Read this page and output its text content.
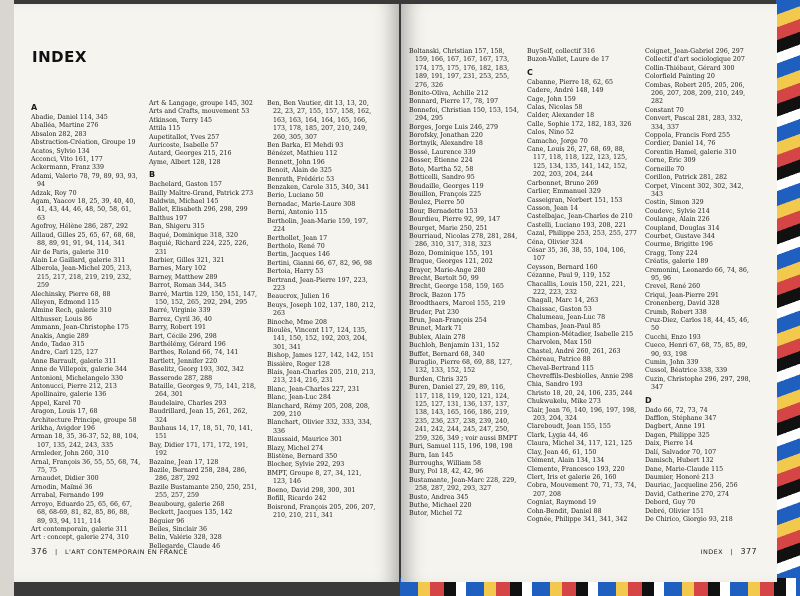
INDEX
A
Abadie, Daniel 114, 345
Aballéa, Martine 276
Absalon 282, 283
Abstraction-Création, Groupe 19
Acatos, Sylvio 134
Acconci, Vito 161, 177
Ackermann, Franz 339
Adami, Valerio 78, 79, 89, 93, 93, 94
Adzak, Roy 70
Agam, Yaacov 18, 25, 39, 40, 40, 41, 43, 44, 46, 48, 50, 58, 61, 63
Agofroy, Hélène 286, 287, 292
Aillaud, Gilles 25, 65, 67, 68, 68, 88, 89, 91, 91, 94, 114, 341
Air de Paris, galerie 310
Alain Le Gaillard, galerie 311
Alberola, Jean-Michel 205, 213, 215, 217, 218, 219, 219, 232, 259
Alechinsky, Pierre 68, 88
Alleyen, Edmond 115
Almine Rech, galerie 310
Althusser, Louis 86
Ammann, Jean-Christophe 175
Anakis, Angie 289
Ando, Tadao 315
Andre, Carl 125, 127
Anne Barrault, galerie 311
Anne de Villepoix, galerie 344
Antonioni, Michelangelo 330
Antonucci, Pierre 212, 213
Apollinaire, galerie 136
Appel, Karel 70
Aragon, Louis 17, 68
Architecture Principe, groupe 58
Arikha, Avigdor 196
Arman 18, 35, 36-37, 52, 88, 104, 107, 135, 242, 243, 335
Armleder, John 260, 310
Arnal, François 36, 55, 55, 68, 74, 75, 75
Arnaudet, Didier 300
Arnodin, Maïmé 36
Arrabal, Fernando 199
Arroyo, Eduardo 25, 65, 66, 67, 68, 68-69, 81, 82, 85, 86, 88, 89, 93, 94, 111, 114
Art contemporain, galerie 311
Art : concept, galerie 274, 310
Art & Langage, groupe 145, 302
Arts and Crafts, mouvement 53
Atkinson, Terry 145
Attila 115
Aupetitallot, Yves 257
Auricoste, Isabelle 57
Autard, Georges 215, 216
Ayme, Albert 128, 128
B
Bachelard, Gaston 157
Bailly Maître-Grand, Patrick 273
Baldwin, Michael 145
Ballet, Elisabeth 296, 298, 299
Balthus 197
Ban, Shigeru 315
Baqué, Dominique 318, 320
Baquié, Richard 224, 225, 226, 231
Barbier, Gilles 321, 321
Barnes, Mary 102
Barney, Matthew 289
Barrot, Roman 344, 345
Barré, Martin 129, 150, 151, 147, 150, 152, 265, 292, 294, 295
Barré, Virginie 339
Barrez, Cyril 36, 40
Barry, Robert 191
Bart, Cécile 296, 298
Barthélémy, Gérard 196
Barthes, Roland 66, 74, 141
Bartlett, Jennifer 220
Baselitz, Georg 193, 302, 342
Basserode 287, 288
Bataille, Georges 9, 75, 141, 218, 264, 301
Baudelaire, Charles 293
Baudrillard, Jean 15, 261, 262, 324
Bauhaus 14, 17, 18, 51, 70, 141, 151
Bay, Didier 171, 171, 172, 191, 192
Bazaine, Jean 17, 128
Bazile, Bernard 258, 284, 286, 286, 287, 292
Bazile Bustamante 250, 250, 251, 255, 257, 259
Beaubourg, galerie 268
Beckett, Jacques 135, 142
Béguier 96
Beiles, Sinclair 36
Belin, Valérie 328, 328
Bellegarde, Claude 46
Ben, Ben Vautier, dit 13, 13, 20, 22, 23, 27, 155, 157, 158, 162, 163, 163, 164, 164, 165, 166, 173, 178, 185, 207, 210, 249, 260, 305, 307
Ben Barka, El Mehdi 93
Bénézet, Mathieu 112
Bennett, John 196
Benoit, Alain de 325
Benrath, Frédéric 53
Benzaken, Carole 315, 340, 341
Berio, Luciano 50
Bernadac, Marie-Laure 308
Berni, Antonio 115
Bertholin, Jean-Marie 159, 197, 224
Berthollet, Jean 17
Bertholo, René 70
Bertin, Jacques 146
Bertini, Gianni 66, 67, 82, 96, 98
Bertoia, Harry 53
Bertrand, Jean-Pierre 197, 223, 223
Beaucrox, Julien 16
Beuys, Joseph 102, 137, 180, 212, 263
Binoche, Mme 208
Bioulès, Vincent 117, 124, 135, 141, 150, 152, 192, 203, 204, 301, 341
Bishop, James 127, 142, 142, 151
Bissière, Roger 128
Blais, Jean-Charles 205, 210, 213, 213, 214, 216, 231
Blanc, Jean-Charles 227, 231
Blanc, Jean-Luc 284
Blanchard, Rémy 205, 208, 208, 209, 210
Blanchart, Olivier 332, 333, 334, 336
Blaussaid, Maurice 301
Blazy, Michel 274
Blistène, Bernard 350
Blocher, Sylvie 292, 293
BMPT, Groupe 8, 27, 34, 121, 123, 146
Boeno, David 298, 300, 301
Bofill, Ricardo 242
Boisrond, François 205, 206, 207, 210, 210, 211, 341
376 | L'ART CONTEMPORAIN EN FRANCE
Boltanski, Christian 157, 158, 159, 166, 167, 167, 167, 173, 174, 175, 175, 176, 182, 183, 189, 191, 197, 231, 253, 255, 276, 326
Bonito-Oliva, Achille 212
Bonnard, Pierre 17, 78, 197
Bonnefoi, Christian 150, 153, 154, 294, 295
Borges, Jorge Luis 246, 279
Borofsky, Jonathan 220
Bortnyik, Alexandre 18
Bossé, Laurence 339
Bosser, Étienne 224
Boto, Martha 52, 58
Botticelli, Sandro 95
Boudaille, Georges 119
Bouillon, François 225
Boulez, Pierre 50
Bour, Bernadette 153
Bourdieu, Pierre 92, 99, 147
Bourget, Marie 250, 251
Bourriaud, Nicolas 278, 281, 284, 286, 310, 317, 318, 323
Bozo, Dominique 155, 191
Braque, Georges 121, 202
Brayer, Marie-Ange 280
Brecht, Bertolt 50, 99
Brecht, George 158, 159, 165
Brock, Bazon 175
Broodthaers, Marcel 155, 219
Bruder, Pat 230
Brun, Jean-François 254
Brunet, Mark 71
Bublex, Alain 278
Buchloh, Benjamin 131, 152
Buffet, Bernard 68, 340
Buraglio, Pierre 68, 69, 88, 127, 132, 133, 152, 152
Burden, Chris 325
Buren, Daniel 27, 29, 89, 116, 117, 118, 119, 120, 121, 124, 125, 127, 131, 136, 137, 137, 138, 143, 165, 166, 186, 219, 235, 236, 237, 238, 239, 240, 241, 242, 244, 245, 247, 250, 259, 326, 349 ; voir aussi BMPT
Buri, Samuel 115, 196, 198, 198
Burn, Ian 145
Burroughs, William 58
Bury, Pol 18, 42, 42, 96
Bustamante, Jean-Marc 228, 229, 258, 287, 292, 293, 327
Busto, Andrea 345
Buthe, Michael 220
Butor, Michel 72
BuySelf, collectif 316
Buzon-Vallet, Laure de 17
C
Cabanne, Pierre 18, 62, 65
Cadere, André 148, 149
Cage, John 159
Calas, Nicolas 58
Calder, Alexander 18
Calle, Sophie 172, 182, 183, 326
Calos, Nino 52
Camacho, Jorge 70
Cane, Louis 26, 27, 68, 69, 88, 117, 118, 118, 122, 123, 125, 125, 134, 135, 141, 142, 152, 202, 203, 204, 244
Carbonnet, Bruno 269
Carlier, Emmanuel 329
Casseigran, Norbert 151, 153
Casson, Jean 14
Castelbajac, Jean-Charles de 210
Castelli, Luciano 193, 208, 221
Cazal, Philippe 253, 253, 255, 277
Céna, Olivier 324
César 35, 36, 38, 55, 104, 106, 107
Ceysson, Bernard 160
Cézanne, Paul 9, 119, 152
Chacallis, Louis 150, 221, 221, 222, 223, 232
Chagall, Marc 14, 263
Chaissac, Gaston 53
Chalumeau, Jean-Luc 78
Chambas, Jean-Paul 85
Champion-Métadier, Isabelle 215
Charvolen, Max 150
Chastel, André 260, 261, 263
Chéreau, Patrice 88
Cheval-Bertrand 115
Chevreffils-Desbiolles, Annie 298
Chia, Sandro 193
Christo 18, 20, 24, 106, 235, 244
Chukwukelu, Mike 273
Clair, Jean 76, 140, 196, 197, 198, 203, 204, 324
Clareboudt, Jean 155, 155
Clark, Lygia 44, 46
Claura, Michel 34, 117, 121, 125
Clay, Jean 46, 61, 150
Clément, Alain 134, 134
Clemente, Francesco 193, 220
Clert, Iris et galerie 26, 160
Cobra, Mouvement 70, 71, 73, 74, 207, 208
Cogniat, Raymond 19
Cohn-Bendit, Daniel 88
Cognée, Philippe 341, 341, 342
Coignet, Jean-Gabriel 296, 297
Collectif d'art sociologique 207
Collin-Thiébaut, Gérard 300
Colorfield Painting 20
Combas, Robert 205, 205, 206, 206, 207, 208, 209, 210, 249, 282
Constant 70
Convert, Pascal 281, 283, 332, 334, 337
Coppola, Francis Ford 255
Cordier, Daniel 14, 76
Corentin Hamel, galerie 310
Corne, Éric 309
Corneille 70
Corillon, Patrick 281, 282
Corpet, Vincent 302, 302, 342, 343
Costin, Simon 329
Coudevc, Sylvie 214
Coulange, Alain 226
Coupland, Douglas 314
Courbet, Gustave 344
Courme, Brigitte 196
Cragg, Tony 224
Créatis, galerie 189
Cremonini, Leonardo 66, 74, 86, 95, 96
Crevel, René 260
Criqui, Jean-Pierre 291
Cronenberg, David 328
Crumb, Robert 338
Cruz-Diez, Carlos 18, 44, 45, 46, 50
Cucchi, Enzo 193
Cueco, Henri 67, 68, 75, 85, 89, 90, 93, 198
Cumin, John 339
Cussol, Béatrice 338, 339
Cuzin, Christophe 296, 297, 298, 347
D
Dado 66, 72, 73, 74
Dafflon, Stéphane 347
Dagbert, Anne 191
Dagen, Philippe 325
Daix, Pierre 14
Dalí, Salvador 70, 107
Damisch, Hubert 132
Dane, Marie-Claude 115
Daumier, Honoré 213
Dauriac, Jacqueline 256, 256
David, Catherine 270, 274
Debord, Guy 70
Debré, Olivier 151
De Chirico, Giorgio 93, 218
INDEX | 377
